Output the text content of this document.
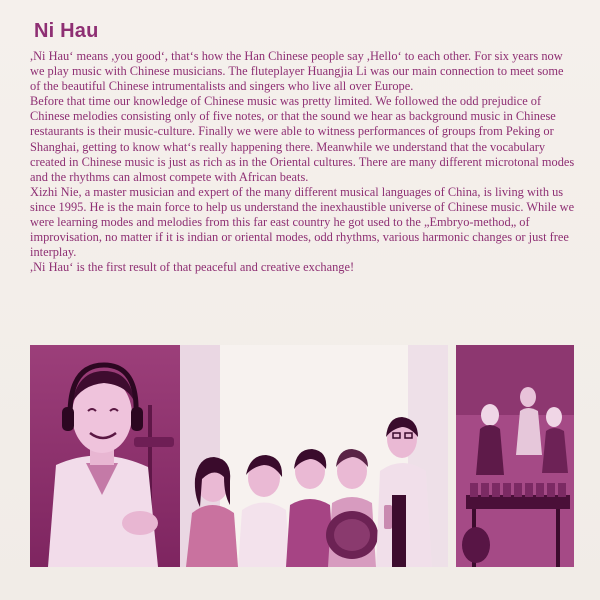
Ni Hau

,Ni Hau‘ means ,you good‘, that‘s how the Han Chinese people say ,Hello‘ to each other. For six years now we play music with Chinese musicians. The fluteplayer Huangjia Li was our main connection to meet some of the beautiful Chinese intrumentalists and singers who live all over Europe.

Before that time our knowledge of Chinese music was pretty limited. We followed the odd prejudice of Chinese melodies consisting only of five notes, or that the sound we hear as background music in Chinese restaurants is their music-culture. Finally we were able to witness performances of groups from Peking or Shanghai, getting to know what‘s really happening there. Meanwhile we understand that the vocabulary created in Chinese music is just as rich as in the Oriental cultures. There are many different microtonal modes and the rhythms can almost compete with African beats.

Xizhi Nie, a master musician and expert of the many different musical languages of China, is living with us since 1995. He is the main force to help us understand the inexhaustible universe of Chinese music. While we were learning modes and melodies from this far east country he got used to the „Embryo-method„ of improvisation, no matter if it is indian or oriental modes, odd rhythms, various harmonic changes or just free interplay.

,Ni Hau‘ is the first result of that peaceful and creative exchange!
